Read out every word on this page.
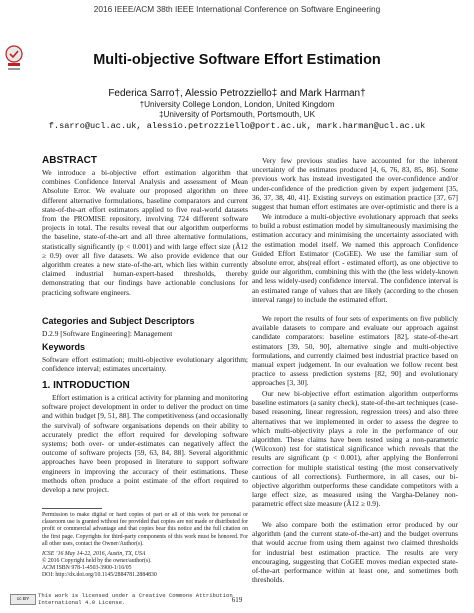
2016 IEEE/ACM 38th IEEE International Conference on Software Engineering
Multi-objective Software Effort Estimation
Federica Sarro†, Alessio Petrozziello‡ and Mark Harman†
†University College London, London, United Kingdom
‡University of Portsmouth, Portsmouth, UK
f.sarro@ucl.ac.uk, alessio.petrozziello@port.ac.uk, mark.harman@ucl.ac.uk
ABSTRACT

We introduce a bi-objective effort estimation algorithm that combines Confidence Interval Analysis and assessment of Mean Absolute Error. We evaluate our proposed algorithm on three different alternative formulations, baseline comparators and current state-of-the-art effort estimators applied to five real-world datasets from the PROMISE repository, involving 724 different software projects in total. The results reveal that our algorithm outperforms the baseline, state-of-the-art and all three alternative formulations, statistically significantly (p < 0.001) and with large effect size (Â12 ≥ 0.9) over all five datasets. We also provide evidence that our algorithm creates a new state-of-the-art, which lies within currently claimed industrial human-expert-based thresholds, thereby demonstrating that our findings have actionable conclusions for practicing software engineers.

Categories and Subject Descriptors

D.2.9 [Software Engineering]: Management

Keywords

Software effort estimation; multi-objective evolutionary algorithm; confidence interval; estimates uncertainty.

1. INTRODUCTION

Effort estimation is a critical activity for planning and monitoring software project development in order to deliver the product on time and within budget [9, 51, 88]. The competitiveness (and occasionally the survival) of software organisations depends on their ability to accurately predict the effort required for developing software systems; both over- or under-estimates can negatively affect the outcome of software projects [59, 63, 84, 88]. Several algorithmic approaches have been proposed in literature to support software engineers in improving the accuracy of their estimations. These methods often produce a point estimate of the effort required to develop a new project.

Permission to make digital or hard copies of part or all of this work for personal or classroom use is granted without fee provided that copies are not made or distributed for profit or commercial advantage and that copies bear this notice and the full citation on the first page. Copyrights for third-party components of this work must be honored. For all other uses, contact the Owner/Author(s).

ICSE ’16 May 14-22, 2016, Austin, TX, USA
© 2016 Copyright held by the owner/author(s).
ACM ISBN 978-1-4503-3900-1/16/05
DOI: http://dx.doi.org/10.1145/2884781.2884830

Very few previous studies have accounted for the inherent uncertainty of the estimates produced [4, 6, 76, 83, 85, 86]. Some previous work has instead investigated the over-confidence and/or under-confidence of the prediction given by expert judgement [35, 36, 37, 38, 40, 41]. Existing surveys on estimation practice [37, 67] suggest that human effort estimates are over-optimistic and there is a

We introduce a multi-objective evolutionary approach that seeks to build a robust estimation model by simultaneously maximising the estimation accuracy and minimising the uncertainty associated with the estimation model itself. We named this approach Confidence Guided Effort Estimator (CoGEE). We use the familiar sum of absolute error, abs(real effort - estimated effort), as one objective to guide our algorithm, combining this with the (the less widely-known and less widely-used) confidence interval. The confidence interval is an estimated range of values that are likely (according to the chosen interval range) to include the estimated effort.

We report the results of four sets of experiments on five publicly available datasets to compare and evaluate our approach against candidate comparators: baseline estimators [82], state-of-the-art estimators [39, 50, 90], alternative single and multi-objective formulations, and currently claimed best industrial practice based on manual expert judgement. In our evaluation we follow recent best practice to assess prediction systems [82, 90] and evolutionary approaches [3, 30].

Our new bi-objective effort estimation algorithm outperforms baseline estimators (a sanity check), state-of-the-art techniques (case-based reasoning, linear regression, regression trees) and also three alternatives that we implemented in order to assess the degree to which multi-objectivity plays a role in the performance of our algorithm. These claims have been tested using a non-parametric (Wilcoxon) test for statistical significance which reveals that the results are significant (p < 0.001), after applying the Bonferroni correction for multiple statistical testing (the most conservatively cautious of all corrections). Furthermore, in all cases, our bi-objective algorithm outperforms these candidate competitors with a large effect size, as measured using the Vargha-Delaney non-parametric effect size measure (Â12 ≥ 0.9).

We also compare both the estimation error produced by our algorithm (and the current state-of-the-art) and the budget overruns that would accrue from using them against two claimed thresholds for industrial best estimation practice. The results are very encouraging, suggesting that CoGEE moves median expected state-of-the-art performance within at least one, and sometimes both thresholds.

cc BY
This work is licensed under a Creative Commons Attribution
International 4.0 License.	619
